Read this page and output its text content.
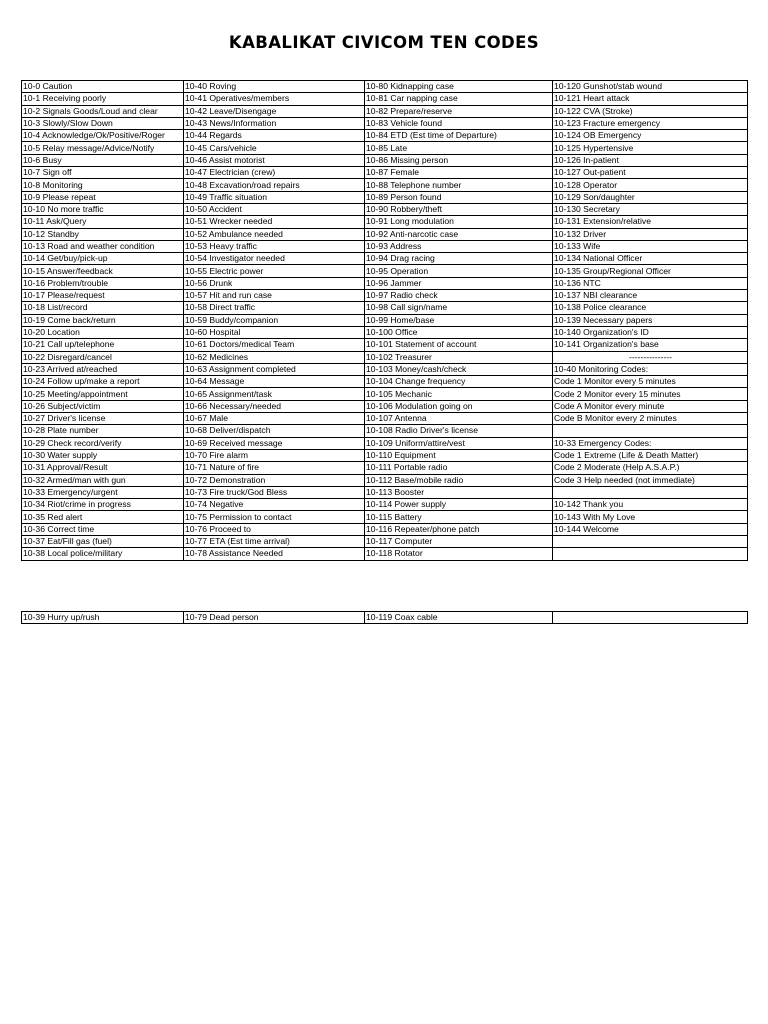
KABALIKAT CIVICOM TEN CODES
10-0 Caution	10-40 Roving	10-80 Kidnapping case	10-120 Gunshot/stab wound
10-1 Receiving poorly	10-41 Operatives/members	10-81 Car napping case	10-121 Heart attack
10-2 Signals Goods/Loud and clear	10-42 Leave/Disengage	10-82 Prepare/reserve	10-122 CVA (Stroke)
10-3 Slowly/Slow Down	10-43 News/Information	10-83 Vehicle found	10-123 Fracture emergency
10-4 Acknowledge/Ok/Positive/Roger	10-44 Regards	10-84 ETD (Est time of Departure)	10-124 OB Emergency
10-5 Relay message/Advice/Notify	10-45 Cars/vehicle	10-85 Late	10-125 Hypertensive
10-6 Busy	10-46 Assist motorist	10-86 Missing person	10-126 In-patient
10-7 Sign off	10-47 Electrician (crew)	10-87 Female	10-127 Out-patient
10-8 Monitoring	10-48 Excavation/road repairs	10-88 Telephone number	10-128 Operator
10-9 Please repeat	10-49 Traffic situation	10-89 Person found	10-129 Son/daughter
10-10 No more traffic	10-50 Accident	10-90 Robbery/theft	10-130 Secretary
10-11 Ask/Query	10-51 Wrecker needed	10-91 Long modulation	10-131 Extension/relative
10-12 Standby	10-52 Ambulance needed	10-92 Anti-narcotic case	10-132 Driver
10-13 Road and weather condition	10-53 Heavy traffic	10-93 Address	10-133 Wife
10-14 Get/buy/pick-up	10-54 Investigator needed	10-94 Drag racing	10-134 National Officer
10-15 Answer/feedback	10-55 Electric power	10-95 Operation	10-135 Group/Regional Officer
10-16 Problem/trouble	10-56 Drunk	10-96 Jammer	10-136 NTC
10-17 Please/request	10-57 Hit and run case	10-97 Radio check	10-137 NBI clearance
10-18 List/record	10-58 Direct traffic	10-98 Call sign/name	10-138 Police clearance
10-19 Come back/return	10-59 Buddy/companion	10-99 Home/base	10-139 Necessary papers
10-20 Location	10-60 Hospital	10-100 Office	10-140 Organization's ID
10-21 Call up/telephone	10-61 Doctors/medical Team	10-101 Statement of account	10-141 Organization's base
10-22 Disregard/cancel	10-62 Medicines	10-102 Treasurer	---------------
10-23 Arrived at/reached	10-63 Assignment completed	10-103 Money/cash/check	10-40 Monitoring Codes:
10-24 Follow up/make a report	10-64 Message	10-104 Change frequency	Code 1 Monitor every 5 minutes
10-25 Meeting/appointment	10-65 Assignment/task	10-105 Mechanic	Code 2 Monitor every 15 minutes
10-26 Subject/victim	10-66 Necessary/needed	10-106 Modulation going on	Code A Monitor every minute
10-27 Driver's license	10-67 Male	10-107 Antenna	Code B Monitor every 2 minutes
10-28 Plate number	10-68 Deliver/dispatch	10-108 Radio Driver's license	
10-29 Check record/verify	10-69 Received message	10-109 Uniform/attire/vest	10-33 Emergency Codes:
10-30 Water supply	10-70 Fire alarm	10-110 Equipment	Code 1 Extreme (Life & Death Matter)
10-31 Approval/Result	10-71 Nature of fire	10-111 Portable radio	Code 2 Moderate (Help A.S.A.P.)
10-32 Armed/man with gun	10-72 Demonstration	10-112 Base/mobile radio	Code 3 Help needed (not immediate)
10-33 Emergency/urgent	10-73 Fire truck/God Bless	10-113 Booster	
10-34 Riot/crime in progress	10-74 Negative	10-114 Power supply	10-142 Thank you
10-35 Red alert	10-75 Permission to contact	10-115 Battery	10-143 With My Love
10-36 Correct time	10-76 Proceed to	10-116 Repeater/phone patch	10-144 Welcome
10-37 Eat/Fill gas (fuel)	10-77 ETA (Est time arrival)	10-117 Computer	
10-38 Local police/military	10-78 Assistance Needed	10-118 Rotator	
10-39 Hurry up/rush	10-79 Dead person	10-119 Coax cable	
